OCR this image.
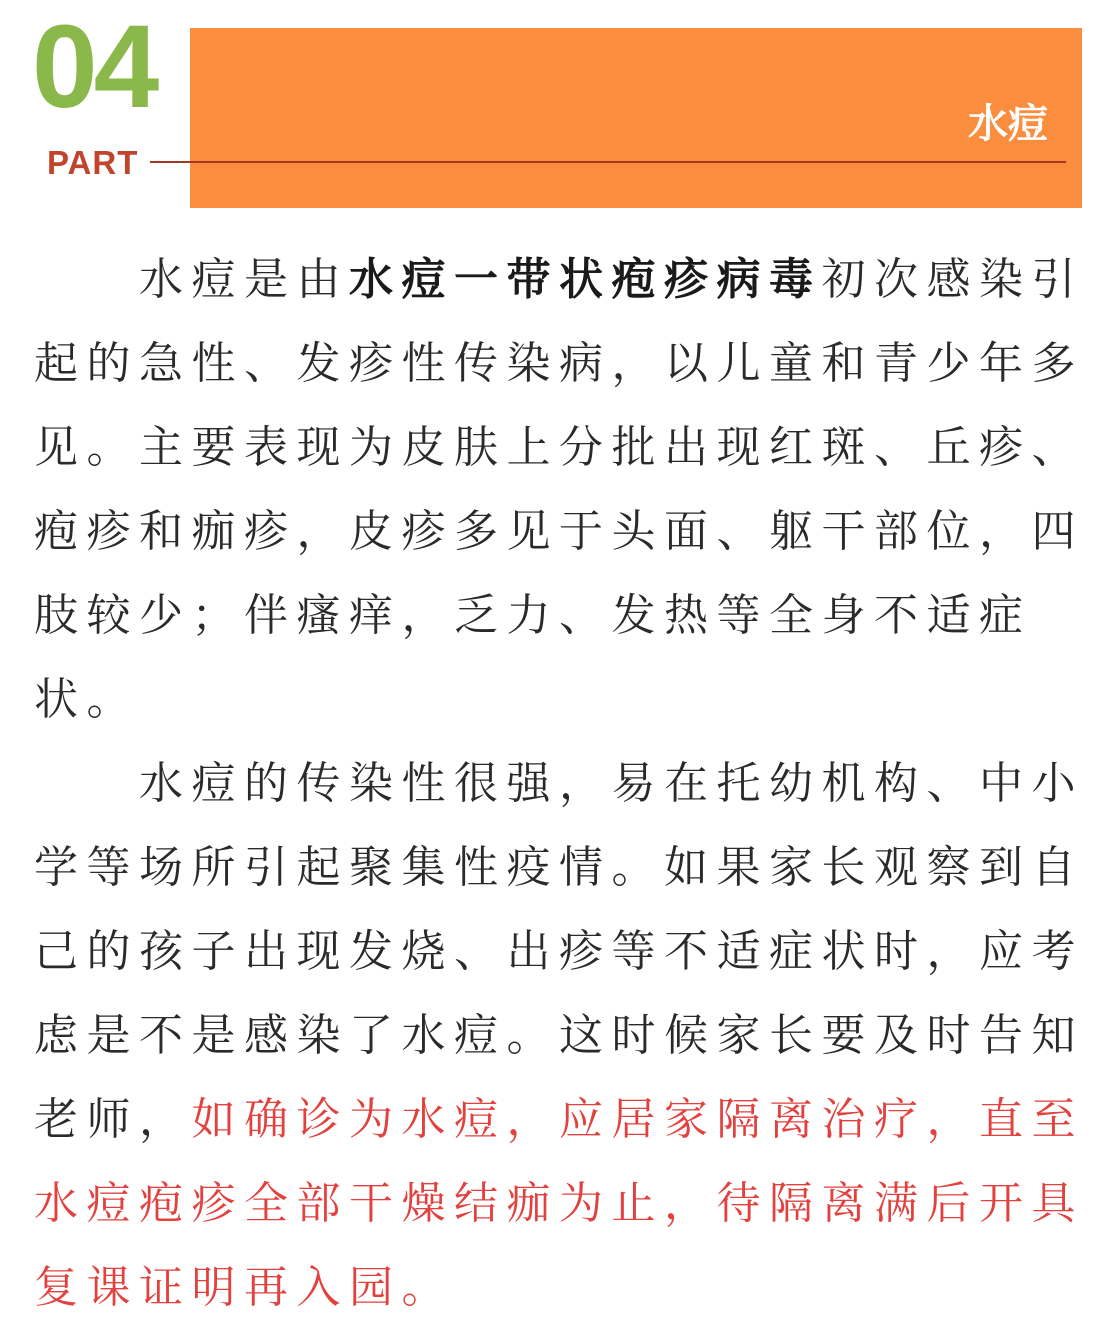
04	水痘
PART

水痘是由水痘一带状疱疹病毒初次感染引起的急性、发疹性传染病，以儿童和青少年多见。主要表现为皮肤上分批出现红斑、丘疹、疱疹和痂疹，皮疹多见于头面、躯干部位，四肢较少；伴瘙痒，乏力、发热等全身不适症状。

水痘的传染性很强，易在托幼机构、中小学等场所引起聚集性疫情。如果家长观察到自己的孩子出现发烧、出疹等不适症状时，应考虑是不是感染了水痘。这时候家长要及时告知老师，如确诊为水痘，应居家隔离治疗，直至水痘疱疹全部干燥结痂为止，待隔离满后开具复课证明再入园。
